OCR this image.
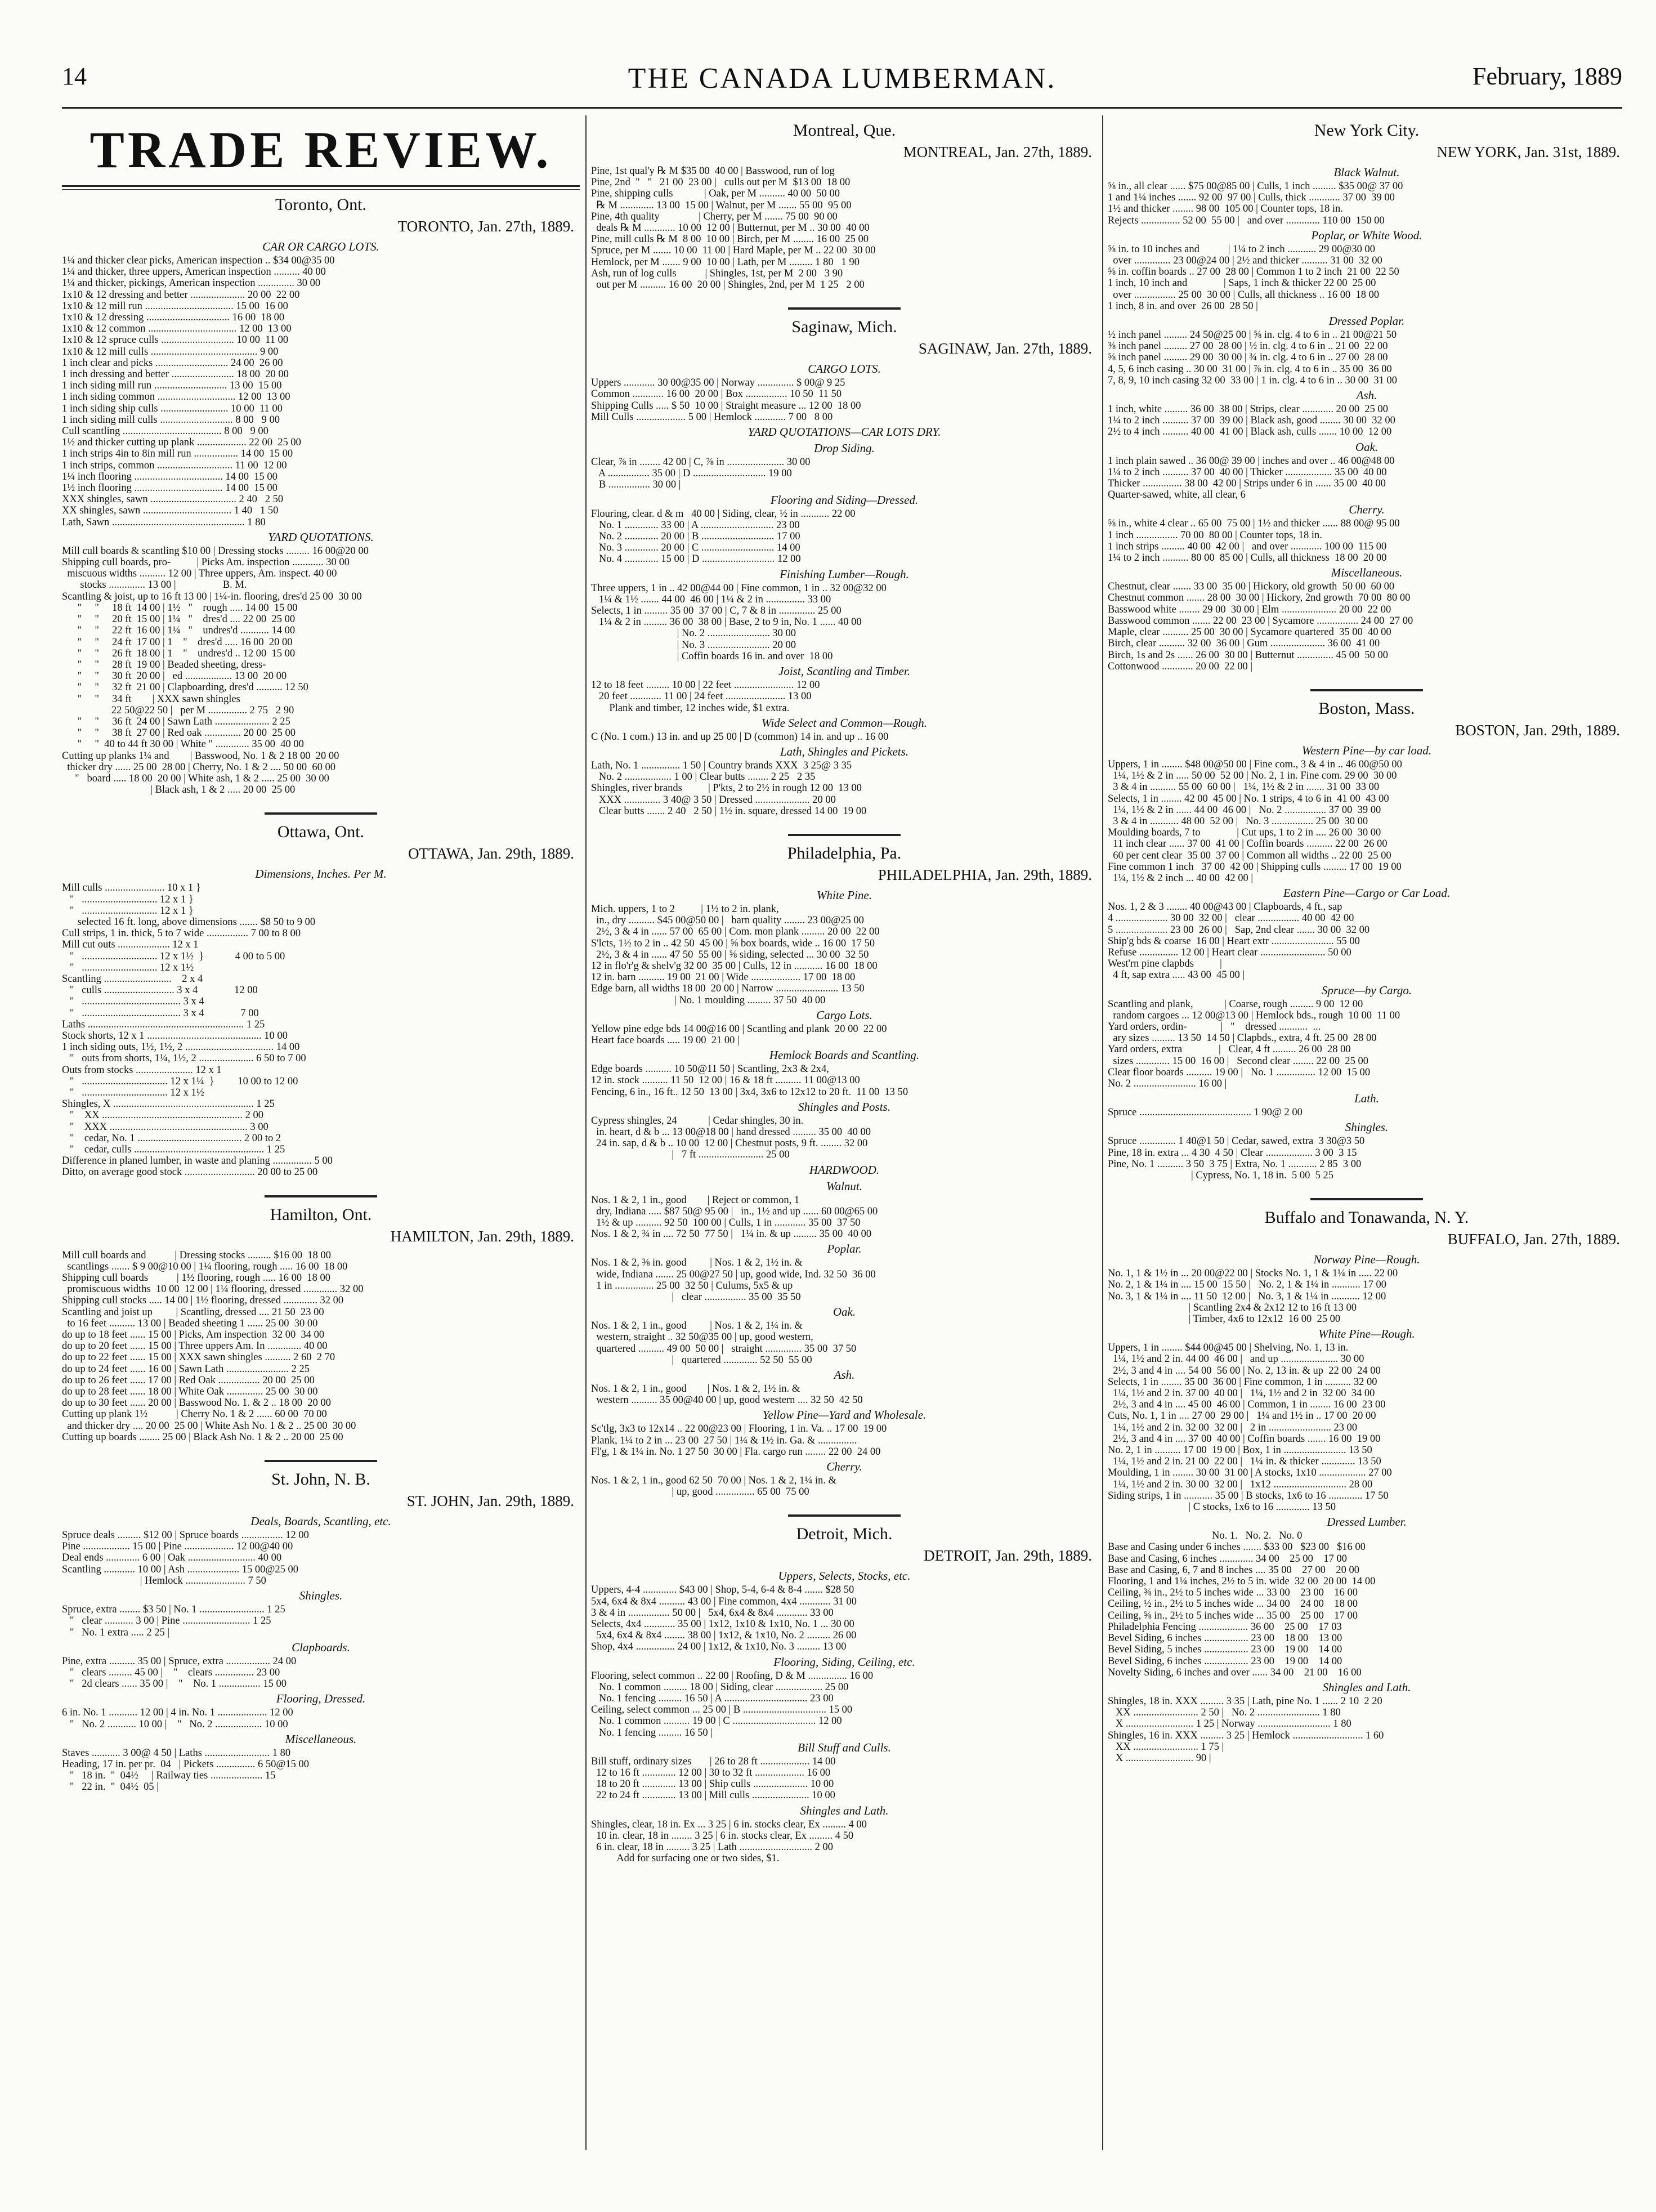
14	THE CANADA LUMBERMAN.	February, 1889
TRADE REVIEW.
Toronto, Ont.
TORONTO, Jan. 27th, 1889.
CAR OR CARGO LOTS.
1¼ and thicker clear picks, American inspection .. $34 00@35 00
1¼ and thicker, three uppers, American inspection .......... 40 00
1¼ and thicker, pickings, American inspection .............. 30 00
1x10 & 12 dressing and better ..................... 20 00  22 00
1x10 & 12 mill run .................................. 15 00  16 00
1x10 & 12 dressing ................................ 16 00  18 00
1x10 & 12 common .................................. 12 00  13 00
1x10 & 12 spruce culls ............................ 10 00  11 00
1x10 & 12 mill culls ......................................... 9 00
1 inch clear and picks ............................ 24 00  26 00
1 inch dressing and better ........................ 18 00  20 00
1 inch siding mill run ............................ 13 00  15 00
1 inch siding common .............................. 12 00  13 00
1 inch siding ship culls .......................... 10 00  11 00
1 inch siding mill culls ............................ 8 00   9 00
Cull scantling ...................................... 8 00   9 00
1½ and thicker cutting up plank ................... 22 00  25 00
1 inch strips 4in to 8in mill run ................. 14 00  15 00
1 inch strips, common ............................. 11 00  12 00
1¼ inch flooring .................................. 14 00  15 00
1½ inch flooring .................................. 14 00  15 00
XXX shingles, sawn ................................. 2 40   2 50
XX shingles, sawn .................................. 1 40   1 50
Lath, Sawn ................................................... 1 80
YARD QUOTATIONS.
Mill cull boards & scantling $10 00 | Dressing stocks ......... 16 00@20 00
Shipping cull boards, pro-          | Picks Am. inspection ............ 30 00
miscuous widths .......... 12 00 | Three uppers, Am. inspect. 40 00
stocks .............. 13 00 |                  B. M.
Scantling & joist, up to 16 ft 13 00 | 1¼-in. flooring, dres'd 25 00  30 00
"     "     18 ft  14 00 | 1½   "    rough ..... 14 00  15 00
"     "     20 ft  15 00 | 1¼   "    dres'd .... 22 00  25 00
"     "     22 ft  16 00 | 1¼   "    undres'd ........... 14 00
"     "     24 ft  17 00 | 1    "    dres'd ..... 16 00  20 00
"     "     26 ft  18 00 | 1    "    undres'd .. 12 00  15 00
"     "     28 ft  19 00 | Beaded sheeting, dress-
"     "     30 ft  20 00 |   ed .................. 13 00  20 00
"     "     32 ft  21 00 | Clapboarding, dres'd .......... 12 50
"     "     34 ft        | XXX sawn shingles
22 50@22 50 |   per M ............... 2 75   2 90
"     "     36 ft  24 00 | Sawn Lath ..................... 2 25
"     "     38 ft  27 00 | Red oak .............. 20 00  25 00
"     "  40 to 44 ft 30 00 | White " ............. 35 00  40 00
Cutting up planks 1¼ and        | Basswood, No. 1 & 2 18 00  20 00
thicker dry ...... 25 00  28 00 | Cherry, No. 1 & 2 .... 50 00  60 00
"   board ..... 18 00  20 00 | White ash, 1 & 2 ..... 25 00  30 00
| Black ash, 1 & 2 ..... 20 00  25 00
Ottawa, Ont.
OTTAWA, Jan. 29th, 1889.
Dimensions, Inches. Per M.
Mill culls ....................... 10 x 1 }
"   ............................. 12 x 1 }
"   ............................. 12 x 1 }
selected 16 ft. long, above dimensions ....... $8 50 to 9 00
Cull strips, 1 in. thick, 5 to 7 wide ................ 7 00 to 8 00
Mill cut outs .................... 12 x 1
"   ............................. 12 x 1½  }            4 00 to 5 00
"   ............................. 12 x 1½
Scantling ..........................    2 x 4
"   culls ........................... 3 x 4              12 00
"   ...................................... 3 x 4
"   ...................................... 3 x 4              7 00
Laths ............................................................ 1 25
Stock shorts, 12 x 1 ............................................ 10 00
1 inch siding outs, 1½, 1½, 2 .................................. 14 00
"   outs from shorts, 1¼, 1½, 2 ..................... 6 50 to 7 00
Outs from stocks ...................... 12 x 1
"   ................................. 12 x 1¼  }         10 00 to 12 00
"   ................................. 12 x 1½
Shingles, X ...................................................... 1 25
"    XX ...................................................... 2 00
"    XXX ..................................................... 3 00
"    cedar, No. 1 ........................................ 2 00 to 2
"    cedar, culls .................................................. 1 25
Difference in planed lumber, in waste and planing ............... 5 00
Ditto, on average good stock ........................... 20 00 to 25 00
Hamilton, Ont.
HAMILTON, Jan. 29th, 1889.
Mill cull boards and           | Dressing stocks ......... $16 00  18 00
scantlings ....... $ 9 00@10 00 | 1¼ flooring, rough ..... 16 00  18 00
Shipping cull boards           | 1½ flooring, rough ..... 16 00  18 00
promiscuous widths  10 00  12 00 | 1¼ flooring, dressed ............. 32 00
Shipping cull stocks ..... 14 00 | 1½ flooring, dressed ............. 32 00
Scantling and joist up         | Scantling, dressed .... 21 50  23 00
to 16 feet .......... 13 00 | Beaded sheeting 1 ...... 25 00  30 00
do up to 18 feet ...... 15 00 | Picks, Am inspection  32 00  34 00
do up to 20 feet ...... 15 00 | Three uppers Am. In ............. 40 00
do up to 22 feet ...... 15 00 | XXX sawn shingles .......... 2 60  2 70
do up to 24 feet ...... 16 00 | Sawn Lath ........................ 2 25
do up to 26 feet ...... 17 00 | Red Oak ................ 20 00  25 00
do up to 28 feet ...... 18 00 | White Oak .............. 25 00  30 00
do up to 30 feet ...... 20 00 | Basswood No. 1. & 2 .. 18 00  20 00
Cutting up plank 1½           | Cherry No. 1 & 2 ...... 60 00  70 00
and thicker dry .... 20 00  25 00 | White Ash No. 1 & 2 .. 25 00  30 00
Cutting up boards ........ 25 00 | Black Ash No. 1 & 2 .. 20 00  25 00
St. John, N. B.
ST. JOHN, Jan. 29th, 1889.
Deals, Boards, Scantling, etc.
Spruce deals ......... $12 00 | Spruce boards ................ 12 00
Pine .................. 15 00 | Pine ................... 12 00@40 00
Deal ends ............. 6 00 | Oak .......................... 40 00
Scantling ............ 10 00 | Ash .................... 15 00@25 00
| Hemlock ....................... 7 50
Shingles.
Spruce, extra ........ $3 50 | No. 1 ......................... 1 25
"   clear ........... 3 00 | Pine .......................... 1 25
"   No. 1 extra ..... 2 25 |
Clapboards.
Pine, extra .......... 35 00 | Spruce, extra ................. 24 00
"   clears ......... 45 00 |    "    clears ............... 23 00
"   2d clears ...... 35 00 |    "    No. 1 ................ 15 00
Flooring, Dressed.
6 in. No. 1 ........... 12 00 | 4 in. No. 1 ................... 12 00
"   No. 2 ........... 10 00 |    "   No. 2 .................. 10 00
Miscellaneous.
Staves ........... 3 00@ 4 50 | Laths ......................... 1 80
Heading, 17 in. per pr.  04   | Pickets ............... 6 50@15 00
"   18 in.  "  04½     | Railway ties .................... 15
"   22 in.  "  04½  05 |
Montreal, Que.
MONTREAL, Jan. 27th, 1889.
Pine, 1st qual'y ℞ M $35 00  40 00 | Basswood, run of log
Pine, 2nd  "   "   21 00  23 00 |   culls out per M  $13 00  18 00
Pine, shipping culls            | Oak, per M .......... 40 00  50 00
℞ M ............. 13 00  15 00 | Walnut, per M ....... 55 00  95 00
Pine, 4th quality               | Cherry, per M ....... 75 00  90 00
deals ℞ M ............ 10 00  12 00 | Butternut, per M .. 30 00  40 00
Pine, mill culls ℞ M  8 00  10 00 | Birch, per M ........ 16 00  25 00
Spruce, per M ....... 10 00  11 00 | Hard Maple, per M .. 22 00  30 00
Hemlock, per M ....... 9 00  10 00 | Lath, per M ......... 1 80   1 90
Ash, run of log culls           | Shingles, 1st, per M  2 00   3 90
out per M .......... 16 00  20 00 | Shingles, 2nd, per M  1 25   2 00
Saginaw, Mich.
SAGINAW, Jan. 27th, 1889.
CARGO LOTS.
Uppers ............ 30 00@35 00 | Norway .............. $ 00@ 9 25
Common ............ 16 00  20 00 | Box ................ 10 50  11 50
Shipping Culls ..... $ 50  10 00 | Straight measure ... 12 00  18 00
Mill Culls ................... 5 00 | Hemlock ............ 7 00   8 00
YARD QUOTATIONS—CAR LOTS DRY.
Drop Siding.
Clear, ⅞ in ........ 42 00 | C, ⅞ in ...................... 30 00
A ................ 35 00 | D ............................ 19 00
B ................ 30 00 |
Flooring and Siding—Dressed.
Flouring, clear. d & m   40 00 | Siding, clear, ½ in ........... 22 00
No. 1 ............. 33 00 | A ............................ 23 00
No. 2 ............. 20 00 | B ............................ 17 00
No. 3 ............. 20 00 | C ............................ 14 00
No. 4 ............. 15 00 | D ............................ 12 00
Finishing Lumber—Rough.
Three uppers, 1 in .. 42 00@44 00 | Fine common, 1 in .. 32 00@32 00
1¼ & 1½ ....... 44 00  46 00 | 1¼ & 2 in ............... 33 00
Selects, 1 in ......... 35 00  37 00 | C, 7 & 8 in .............. 25 00
1¼ & 2 in ......... 36 00  38 00 | Base, 2 to 9 in, No. 1 ...... 40 00
| No. 2 ........................ 30 00
| No. 3 ........................ 20 00
| Coffin boards 16 in. and over  18 00
Joist, Scantling and Timber.
12 to 18 feet ......... 10 00 | 22 feet ....................... 12 00
20 feet ............ 11 00 | 24 feet ....................... 13 00
Plank and timber, 12 inches wide, $1 extra.
Wide Select and Common—Rough.
C (No. 1 com.) 13 in. and up 25 00 | D (common) 14 in. and up .. 16 00
Lath, Shingles and Pickets.
Lath, No. 1 ............... 1 50 | Country brands XXX  3 25@ 3 35
No. 2 .................. 1 00 | Clear butts ........ 2 25   2 35
Shingles, river brands          | P'kts, 2 to 2½ in rough 12 00  13 00
XXX .............. 3 40@ 3 50 | Dressed ..................... 20 00
Clear butts ....... 2 40   2 50 | 1½ in. square, dressed 14 00  19 00
Philadelphia, Pa.
PHILADELPHIA, Jan. 29th, 1889.
White Pine.
Mich. uppers, 1 to 2          | 1½ to 2 in. plank,
in., dry .......... $45 00@50 00 |   barn quality ........ 23 00@25 00
2½, 3 & 4 in ...... 57 00  65 00 | Com. mon plank ......... 20 00  22 00
S'lcts, 1½ to 2 in .. 42 50  45 00 | ⅝ box boards, wide .. 16 00  17 50
2½, 3 & 4 in ...... 47 50  55 00 | ⅝ siding, selected ... 30 00  32 50
12 in flo'r'g & shelv'g 32 00  35 00 | Culls, 12 in ........... 16 00  18 00
12 in. barn .......... 19 00  21 00 | Wide ................... 17 00  18 00
Edge barn, all widths 18 00  20 00 | Narrow ........................ 13 50
| No. 1 moulding ......... 37 50  40 00
Cargo Lots.
Yellow pine edge bds 14 00@16 00 | Scantling and plank  20 00  22 00
Heart face boards ..... 19 00  21 00 |
Hemlock Boards and Scantling.
Edge boards .......... 10 50@11 50 | Scantling, 2x3 & 2x4,
12 in. stock .......... 11 50  12 00 | 16 & 18 ft .......... 11 00@13 00
Fencing, 6 in., 16 ft.. 12 50  13 00 | 3x4, 3x6 to 12x12 to 20 ft.  11 00  13 50
Shingles and Posts.
Cypress shingles, 24            | Cedar shingles, 30 in.
in. heart, d & b ... 13 00@18 00 | hand dressed ......... 35 00  40 00
24 in. sap, d & b .. 10 00  12 00 | Chestnut posts, 9 ft. ........ 32 00
|   7 ft ......................... 25 00
HARDWOOD.
Walnut.
Nos. 1 & 2, 1 in., good        | Reject or common, 1
dry, Indiana ..... $87 50@ 95 00 |   in., 1½ and up ...... 60 00@65 00
1½ & up .......... 92 50  100 00 | Culls, 1 in ............ 35 00  37 50
Nos. 1 & 2, ¾ in .... 72 50  77 50 |   1¼ in. & up ......... 35 00  40 00
Poplar.
Nos. 1 & 2, ⅜ in. good         | Nos. 1 & 2, 1½ in. &
wide, Indiana ....... 25 00@27 50 | up, good wide, Ind. 32 50  36 00
1 in ............... 25 00  32 50 | Culums, 5x5 & up
|   clear ................ 35 00  35 50
Oak.
Nos. 1 & 2, 1 in., good         | Nos. 1 & 2, 1¼ in. &
western, straight .. 32 50@35 00 | up, good western,
quartered .......... 49 00  50 00 |   straight .............. 35 00  37 50
|   quartered ............. 52 50  55 00
Ash.
Nos. 1 & 2, 1 in., good        | Nos. 1 & 2, 1½ in. &
western .......... 35 00@40 00 | up, good western .... 32 50  42 50
Yellow Pine—Yard and Wholesale.
Sc'tlg, 3x3 to 12x14 .. 22 00@23 00 | Flooring, 1 in. Va. .. 17 00  19 00
Plank, 1¼ to 2 in ... 23 00  27 50 | 1¼ & 1½ in. Ga. & ...............
Fl'g, 1 & 1¼ in. No. 1 27 50  30 00 | Fla. cargo run ........ 22 00  24 00
Cherry.
Nos. 1 & 2, 1 in., good 62 50  70 00 | Nos. 1 & 2, 1¼ in. &
| up, good ............... 65 00  75 00
Detroit, Mich.
DETROIT, Jan. 29th, 1889.
Uppers, Selects, Stocks, etc.
Uppers, 4-4 ............. $43 00 | Shop, 5-4, 6-4 & 8-4 ....... $28 50
5x4, 6x4 & 8x4 .......... 43 00 | Fine common, 4x4 ............ 31 00
3 & 4 in ................ 50 00 |   5x4, 6x4 & 8x4 ............ 33 00
Selects, 4x4 ............ 35 00 | 1x12, 1x10 & 1x10, No. 1 ... 30 00
5x4, 6x4 & 8x4 ........ 38 00 | 1x12, & 1x10, No. 2 ......... 26 00
Shop, 4x4 ............... 24 00 | 1x12, & 1x10, No. 3 ......... 13 00
Flooring, Siding, Ceiling, etc.
Flooring, select common .. 22 00 | Roofing, D & M ............... 16 00
No. 1 common ......... 18 00 | Siding, clear .................. 25 00
No. 1 fencing ......... 16 50 | A ................................ 23 00
Ceiling, select common ... 25 00 | B ................................ 15 00
No. 1 common .......... 19 00 | C ................................ 12 00
No. 1 fencing ......... 16 50 |
Bill Stuff and Culls.
Bill stuff, ordinary sizes       | 26 to 28 ft ................... 14 00
12 to 16 ft ............. 12 00 | 30 to 32 ft ................... 16 00
18 to 20 ft ............. 13 00 | Ship culls ..................... 10 00
22 to 24 ft ............. 13 00 | Mill culls ...................... 10 00
Shingles and Lath.
Shingles, clear, 18 in. Ex ... 3 25 | 6 in. stocks clear, Ex ......... 4 00
10 in. clear, 18 in ........ 3 25 | 6 in. stocks clear, Ex ......... 4 50
6 in. clear, 18 in ......... 3 25 | Lath ............................ 2 00
Add for surfacing one or two sides, $1.
New York City.
NEW YORK, Jan. 31st, 1889.
Black Walnut.
⅝ in., all clear ...... $75 00@85 00 | Culls, 1 inch ......... $35 00@ 37 00
1 and 1¼ inches ....... 92 00  97 00 | Culls, thick ............ 37 00  39 00
1½ and thicker ........ 98 00  105 00 | Counter tops, 18 in.
Rejects ............... 52 00  55 00 |   and over ............. 110 00  150 00
Poplar, or White Wood.
⅝ in. to 10 inches and           | 1¼ to 2 inch ........... 29 00@30 00
over .............. 23 00@24 00 | 2½ and thicker .......... 31 00  32 00
⅝ in. coffin boards .. 27 00  28 00 | Common 1 to 2 inch  21 00  22 50
1 inch, 10 inch and              | Saps, 1 inch & thicker 22 00  25 00
over ................ 25 00  30 00 | Culls, all thickness .. 16 00  18 00
1 inch, 8 in. and over  26 00  28 50 |
Dressed Poplar.
½ inch panel ......... 24 50@25 00 | ⅝ in. clg. 4 to 6 in .. 21 00@21 50
⅜ inch panel ......... 27 00  28 00 | ½ in. clg. 4 to 6 in .. 21 00  22 00
⅝ inch panel ......... 29 00  30 00 | ¾ in. clg. 4 to 6 in .. 27 00  28 00
4, 5, 6 inch casing .. 30 00  31 00 | ⅞ in. clg. 4 to 6 in .. 35 00  36 00
7, 8, 9, 10 inch casing 32 00  33 00 | 1 in. clg. 4 to 6 in .. 30 00  31 00
Ash.
1 inch, white ......... 36 00  38 00 | Strips, clear ............ 20 00  25 00
1¼ to 2 inch .......... 37 00  39 00 | Black ash, good ........ 30 00  32 00
2½ to 4 inch .......... 40 00  41 00 | Black ash, culls ....... 10 00  12 00
Oak.
1 inch plain sawed .. 36 00@ 39 00 | inches and over .. 46 00@48 00
1¼ to 2 inch .......... 37 00  40 00 | Thicker .................. 35 00  40 00
Thicker ............... 38 00  42 00 | Strips under 6 in ...... 35 00  40 00
Quarter-sawed, white, all clear, 6
Cherry.
⅝ in., white 4 clear .. 65 00  75 00 | 1½ and thicker ...... 88 00@ 95 00
1 inch ................ 70 00  80 00 | Counter tops, 18 in.
1 inch strips ......... 40 00  42 00 |   and over ............ 100 00  115 00
1¼ to 2 inch .......... 80 00  85 00 | Culls, all thickness  18 00  20 00
Miscellaneous.
Chestnut, clear ....... 33 00  35 00 | Hickory, old growth  50 00  60 00
Chestnut common ....... 28 00  30 00 | Hickory, 2nd growth  70 00  80 00
Basswood white ........ 29 00  30 00 | Elm ..................... 20 00  22 00
Basswood common ....... 22 00  23 00 | Sycamore ................ 24 00  27 00
Maple, clear .......... 25 00  30 00 | Sycamore quartered  35 00  40 00
Birch, clear .......... 32 00  36 00 | Gum ..................... 36 00  41 00
Birch, 1s and 2s ...... 26 00  30 00 | Butternut .............. 45 00  50 00
Cottonwood ............ 20 00  22 00 |
Boston, Mass.
BOSTON, Jan. 29th, 1889.
Western Pine—by car load.
Uppers, 1 in ........ $48 00@50 00 | Fine com., 3 & 4 in .. 46 00@50 00
1¼, 1½ & 2 in ..... 50 00  52 00 | No. 2, 1 in. Fine com. 29 00  30 00
3 & 4 in .......... 55 00  60 00 |   1¼, 1½ & 2 in ....... 31 00  33 00
Selects, 1 in ........ 42 00  45 00 | No. 1 strips, 4 to 6 in  41 00  43 00
1¼, 1½ & 2 in ...... 44 00  46 00 |   No. 2 ................ 37 00  39 00
3 & 4 in ........... 48 00  52 00 |   No. 3 ................ 25 00  30 00
Moulding boards, 7 to              | Cut ups, 1 to 2 in .... 26 00  30 00
11 inch clear ...... 37 00  41 00 | Coffin boards .......... 22 00  26 00
60 per cent clear  35 00  37 00 | Common all widths .. 22 00  25 00
Fine common 1 inch   37 00  42 00 | Shipping culls ......... 17 00  19 00
1¼, 1½ & 2 inch ... 40 00  42 00 |
Eastern Pine—Cargo or Car Load.
Nos. 1, 2 & 3 ........ 40 00@43 00 | Clapboards, 4 ft., sap
4 .................... 30 00  32 00 |   clear ................ 40 00  42 00
5 .................... 23 00  26 00 |   Sap, 2nd clear ....... 30 00  32 00
Ship'g bds & coarse  16 00 | Heart extr ........................ 55 00
Refuse ............... 12 00 | Heart clear ......................... 50 00
West'rn pine clapbds          |
4 ft, sap extra ..... 43 00  45 00 |
Spruce—by Cargo.
Scantling and plank,            | Coarse, rough ......... 9 00  12 00
random cargoes ... 12 00@13 00 | Hemlock bds., rough  10 00  11 00
Yard orders, ordin-             |   "    dressed ...........  ...
ary sizes ......... 13 50  14 50 | Clapbds., extra, 4 ft. 25 00  28 00
Yard orders, extra              |   Clear, 4 ft ......... 26 00  28 00
sizes ............. 15 00  16 00 |   Second clear ........ 22 00  25 00
Clear floor boards .......... 19 00 |   No. 1 ............... 12 00  15 00
No. 2 ........................ 16 00 |
Lath.
Spruce ........................................... 1 90@ 2 00
Shingles.
Spruce .............. 1 40@1 50 | Cedar, sawed, extra  3 30@3 50
Pine, 18 in. extra ... 4 30  4 50 | Clear .................. 3 00  3 15
Pine, No. 1 .......... 3 50  3 75 | Extra, No. 1 ........... 2 85  3 00
| Cypress, No. 1, 18 in.  5 00  5 25
Buffalo and Tonawanda, N. Y.
BUFFALO, Jan. 27th, 1889.
Norway Pine—Rough.
No. 1, 1 & 1½ in ... 20 00@22 00 | Stocks No. 1, 1 & 1¼ in ..... 22 00
No. 2, 1 & 1¼ in .... 15 00  15 50 |   No. 2, 1 & 1¼ in ........... 17 00
No. 3, 1 & 1¼ in .... 11 50  12 00 |   No. 3, 1 & 1¼ in ........... 12 00
| Scantling 2x4 & 2x12 12 to 16 ft 13 00
| Timber, 4x6 to 12x12  16 00  25 00
White Pine—Rough.
Uppers, 1 in ........ $44 00@45 00 | Shelving, No. 1, 13 in.
1¼, 1½ and 2 in. 44 00  46 00 |   and up ...................... 30 00
2½, 3 and 4 in .... 54 00  56 00 | No. 2, 13 in. & up  22 00  24 00
Selects, 1 in ........ 35 00  36 00 | Fine common, 1 in .......... 32 00
1¼, 1½ and 2 in. 37 00  40 00 |   1¼, 1½ and 2 in  32 00  34 00
2½, 3 and 4 in .... 45 00  46 00 | Common, 1 in ........ 16 00  23 00
Cuts, No. 1, 1 in .... 27 00  29 00 |   1¼ and 1½ in .. 17 00  20 00
1¼, 1½ and 2 in. 32 00  32 00 |   2 in ........................ 23 00
2½, 3 and 4 in .... 37 00  40 00 | Coffin boards ....... 16 00  19 00
No. 2, 1 in .......... 17 00  19 00 | Box, 1 in ........................ 13 50
1¼, 1½ and 2 in. 21 00  22 00 |   1¼ in. & thicker ............. 13 50
Moulding, 1 in ........ 30 00  31 00 | A stocks, 1x10 .................. 27 00
1¼, 1½ and 2 in. 30 00  32 00 |   1x12 ............................ 28 00
Siding strips, 1 in ........... 35 00 | B stocks, 1x6 to 16 ............. 17 50
| C stocks, 1x6 to 16 ............. 13 50
Dressed Lumber.
No. 1.   No. 2.   No. 0
Base and Casing under 6 inches ....... $33 00   $23 00   $16 00
Base and Casing, 6 inches ............. 34 00    25 00    17 00
Base and Casing, 6, 7 and 8 inches .... 35 00    27 00    20 00
Flooring, 1 and 1¼ inches, 2½ to 5 in. wide  32 00  20 00  14 00
Ceiling, ⅜ in., 2½ to 5 inches wide ... 33 00    23 00    16 00
Ceiling, ½ in., 2½ to 5 inches wide ... 34 00    24 00    18 00
Ceiling, ⅝ in., 2½ to 5 inches wide ... 35 00    25 00    17 00
Philadelphia Fencing ................... 36 00    25 00    17 03
Bevel Siding, 6 inches ................. 23 00    18 00    13 00
Bevel Siding, 5 inches ................. 23 00    19 00    14 00
Bevel Siding, 6 inches ................. 23 00    19 00    14 00
Novelty Siding, 6 inches and over ...... 34 00    21 00    16 00
Shingles and Lath.
Shingles, 18 in. XXX ......... 3 35 | Lath, pine No. 1 ...... 2 10  2 20
XX ......................... 2 50 |   No. 2 ........................ 1 80
X .......................... 1 25 | Norway ............................ 1 80
Shingles, 16 in. XXX ......... 3 25 | Hemlock ........................... 1 60
XX ......................... 1 75 |
X .......................... 90 |
